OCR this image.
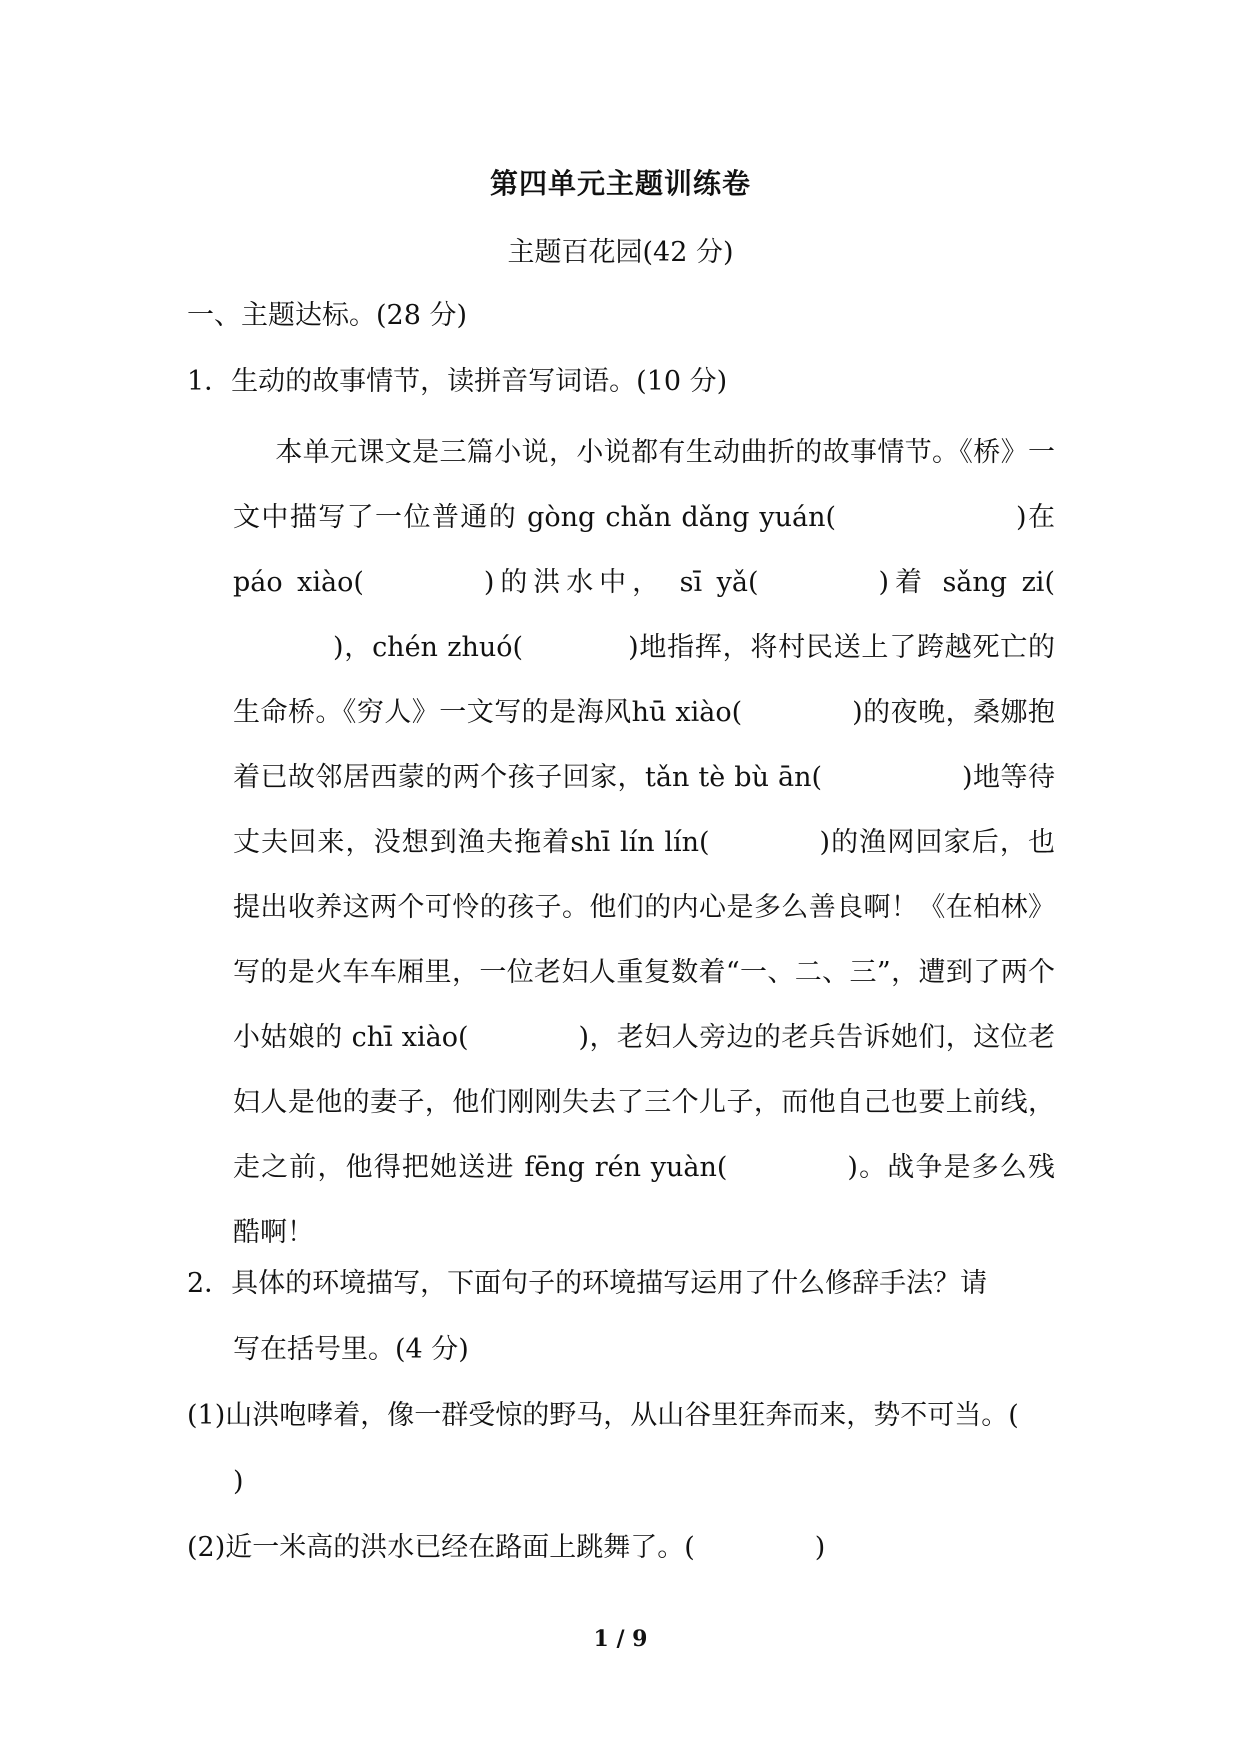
第四单元主题训练卷
主题百花园(42 分)
一、主题达标。(28 分)
1．生动的故事情节，读拼音写词语。(10 分)
本单元课文是三篇小说，小说都有生动曲折的故事情节。《桥》一文中描写了一位普通的 gòng chǎn dǎng yuán(	)在páo xiào(	)的洪水中， sī yǎ(	)着 sǎng zi()，chén zhuó(	)地指挥，将村民送上了跨越死亡的生命桥。《穷人》一文写的是海风hū xiào(	)的夜晚，桑娜抱着已故邻居西蒙的两个孩子回家，tǎn tè bù ān(	)地等待丈夫回来，没想到渔夫拖着shī lín lín(	)的渔网回家后，也提出收养这两个可怜的孩子。他们的内心是多么善良啊！《在柏林》写的是火车车厢里，一位老妇人重复数着“一、二、三”，遭到了两个小姑娘的 chī xiào(	)，老妇人旁边的老兵告诉她们，这位老妇人是他的妻子，他们刚刚失去了三个儿子，而他自己也要上前线，走之前，他得把她送进 fēng rén yuàn(	)。战争是多么残酷啊！
2．具体的环境描写，下面句子的环境描写运用了什么修辞手法？请
写在括号里。(4 分)
(1)山洪咆哮着，像一群受惊的野马，从山谷里狂奔而来，势不可当。(
)
(2)近一米高的洪水已经在路面上跳舞了。(	)
1 / 9
